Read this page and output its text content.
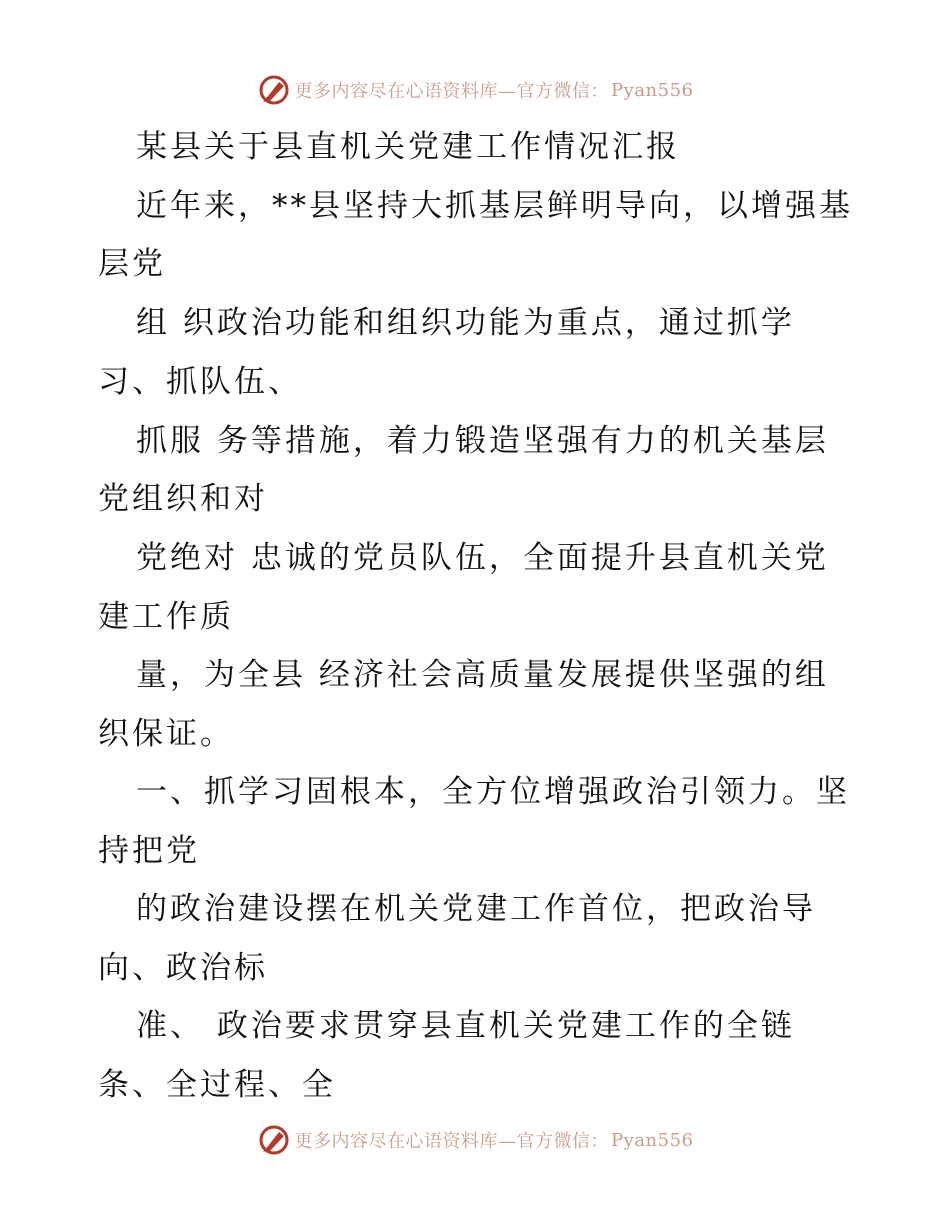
更多内容尽在心语资料库—官方微信： Pyan556
某县关于县直机关党建工作情况汇报
近年来，**县坚持大抓基层鲜明导向，以增强基
层党
组 织政治功能和组织功能为重点，通过抓学
习、抓队伍、
抓服 务等措施，着力锻造坚强有力的机关基层
党组织和对
党绝对 忠诚的党员队伍，全面提升县直机关党
建工作质
量，为全县 经济社会高质量发展提供坚强的组
织保证。
一、抓学习固根本，全方位增强政治引领力。坚
持把党
的政治建设摆在机关党建工作首位，把政治导
向、政治标
准、 政治要求贯穿县直机关党建工作的全链
条、全过程、全
更多内容尽在心语资料库—官方微信： Pyan556
